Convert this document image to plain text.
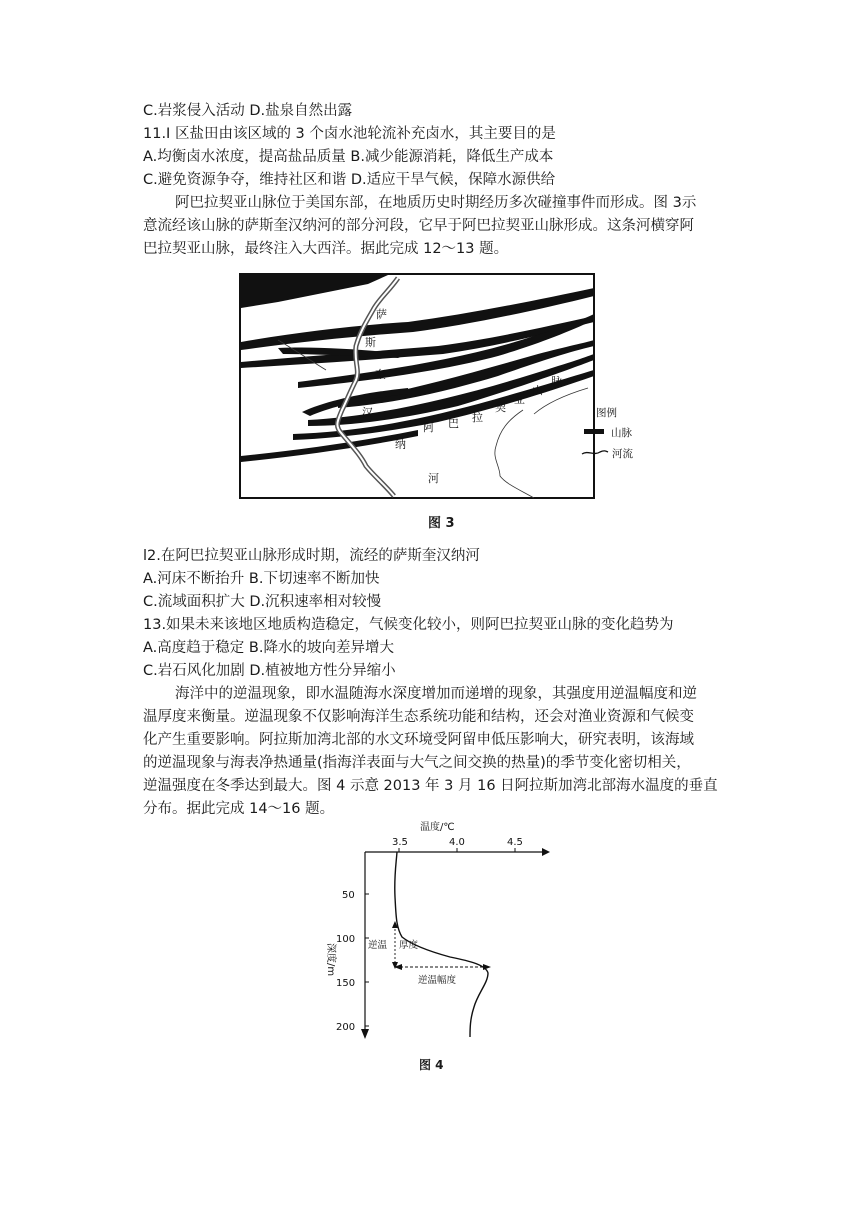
C.岩浆侵入活动 D.盐泉自然出露
11.I 区盐田由该区域的 3 个卤水池轮流补充卤水，其主要目的是
A.均衡卤水浓度，提高盐品质量 B.减少能源消耗，降低生产成本
C.避免资源争夺，维持社区和谐 D.适应干旱气候，保障水源供给
阿巴拉契亚山脉位于美国东部，在地质历史时期经历多次碰撞事件而形成。图 3示
意流经该山脉的萨斯奎汉纳河的部分河段，它早于阿巴拉契亚山脉形成。这条河横穿阿
巴拉契亚山脉，最终注入大西洋。据此完成 12～13 题。
萨
斯
奎
汉
纳
河
阿 巴 拉
契
亚
山
脉
图例
山脉
河流
图 3
l2.在阿巴拉契亚山脉形成时期，流经的萨斯奎汉纳河
A.河床不断抬升 B.下切速率不断加快
C.流域面积扩大 D.沉积速率相对较慢
13.如果未来该地区地质构造稳定，气候变化较小，则阿巴拉契亚山脉的变化趋势为
A.高度趋于稳定 B.降水的坡向差异增大
C.岩石风化加剧 D.植被地方性分异缩小
海洋中的逆温现象，即水温随海水深度增加而递增的现象，其强度用逆温幅度和逆
温厚度来衡量。逆温现象不仅影响海洋生态系统功能和结构，还会对渔业资源和气候变
化产生重要影响。阿拉斯加湾北部的水文环境受阿留申低压影响大，研究表明，该海域
的逆温现象与海表净热通量(指海洋表面与大气之间交换的热量)的季节变化密切相关，
逆温强度在冬季达到最大。图 4 示意 2013 年 3 月 16 日阿拉斯加湾北部海水温度的垂直
分布。据此完成 14～16 题。
温度/℃
3.5	4.0	4.5
50
100
150
200
深度/m	逆温 厚度
逆温幅度
图 4
